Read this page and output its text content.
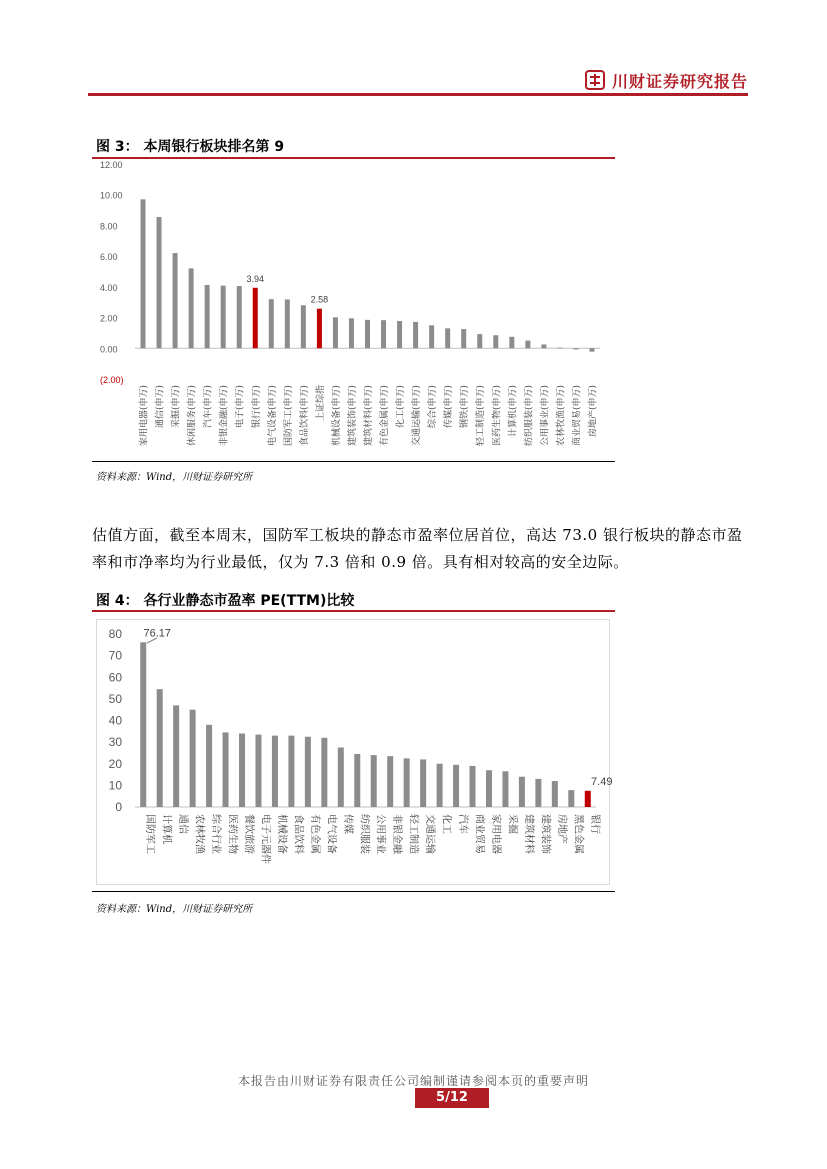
川财证券研究报告
图 3： 本周银行板块排名第 9
12.00
10.00
8.00
6.00
4.00
2.00
0.00
(2.00)
家用电器(申万) 通信(申万) 采掘(申万) 休闲服务(申万) 汽车(申万) 非银金融(申万) 电子(申万) 银行(申万)
3.94
电气设备(申万) 国防军工(申万) 食品饮料(申万) 上证综指
2.58
机械设备(申万) 建筑装饰(申万) 建筑材料(申万) 有色金属(申万) 化工(申万) 交通运输(申万) 综合(申万) 传媒(申万) 钢铁(申万) 轻工制造(申万) 医药生物(申万) 计算机(申万) 纺织服装(申万) 公用事业(申万) 农林牧渔(申万) 商业贸易(申万) 房地产(申万)
资料来源：Wind，川财证券研究所

估值方面，截至本周末，国防军工板块的静态市盈率位居首位，高达 73.0 银行板块的静态市盈率和市净率均为行业最低，仅为 7.3 倍和 0.9 倍。具有相对较高的安全边际。

图 4： 各行业静态市盈率 PE(TTM)比较
80
70
60
50
40
30
20
10
0
国防军工
76.17
计算机 通信 农林牧渔 综合行业 医药生物 餐饮旅游 电子元器件 机械设备 食品饮料 有色金属 电气设备 传媒 纺织服装 公用事业 非银金融 轻工制造 交通运输 化工 汽车 商业贸易 家用电器 采掘 建筑材料 建筑装饰 房地产 黑色金属 银行
7.49
资料来源：Wind，川财证券研究所
本报告由川财证券有限责任公司编制谨请参阅本页的重要声明
5/12
